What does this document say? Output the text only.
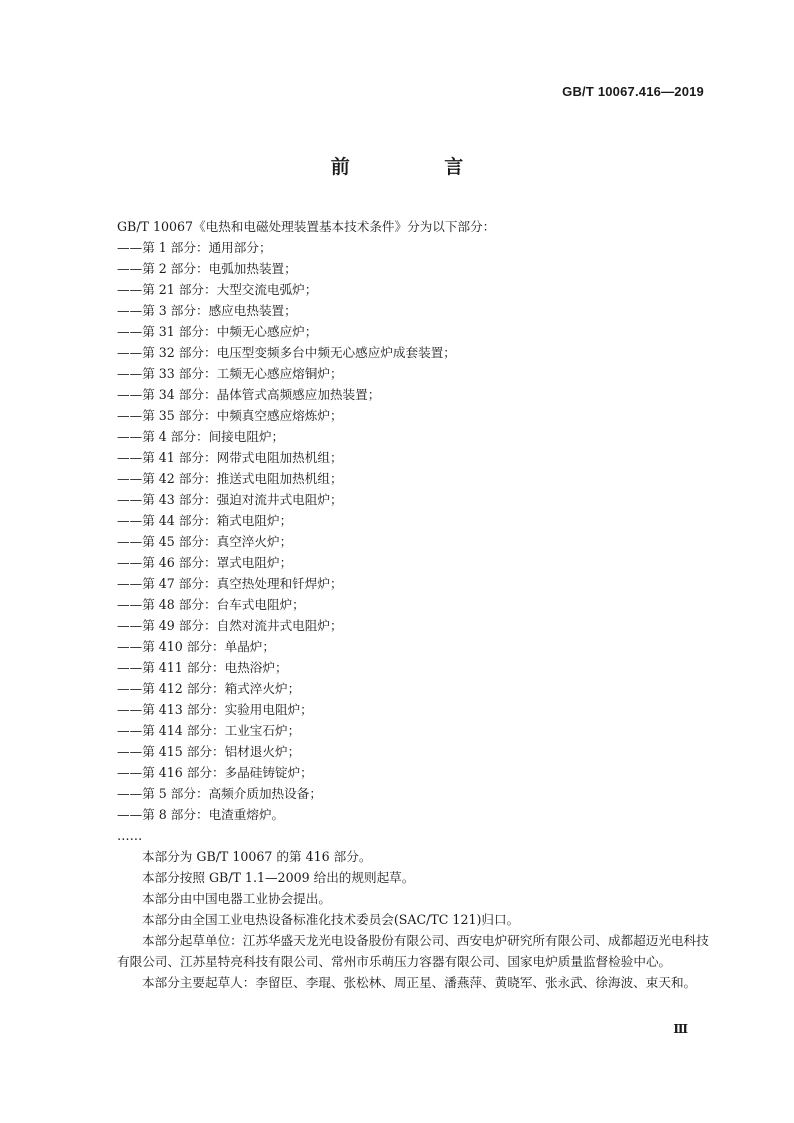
GB/T 10067.416—2019
前 言

GB/T 10067《电热和电磁处理装置基本技术条件》分为以下部分：

——第 1 部分：通用部分；
——第 2 部分：电弧加热装置；
——第 21 部分：大型交流电弧炉；
——第 3 部分：感应电热装置；
——第 31 部分：中频无心感应炉；
——第 32 部分：电压型变频多台中频无心感应炉成套装置；
——第 33 部分：工频无心感应熔铜炉；
——第 34 部分：晶体管式高频感应加热装置；
——第 35 部分：中频真空感应熔炼炉；
——第 4 部分：间接电阻炉；
——第 41 部分：网带式电阻加热机组；
——第 42 部分：推送式电阻加热机组；
——第 43 部分：强迫对流井式电阻炉；
——第 44 部分：箱式电阻炉；
——第 45 部分：真空淬火炉；
——第 46 部分：罩式电阻炉；
——第 47 部分：真空热处理和钎焊炉；
——第 48 部分：台车式电阻炉；
——第 49 部分：自然对流井式电阻炉；
——第 410 部分：单晶炉；
——第 411 部分：电热浴炉；
——第 412 部分：箱式淬火炉；
——第 413 部分：实验用电阻炉；
——第 414 部分：工业宝石炉；
——第 415 部分：铝材退火炉；
——第 416 部分：多晶硅铸锭炉；
——第 5 部分：高频介质加热设备；
——第 8 部分：电渣重熔炉。

……

本部分为 GB/T 10067 的第 416 部分。

本部分按照 GB/T 1.1—2009 给出的规则起草。

本部分由中国电器工业协会提出。

本部分由全国工业电热设备标准化技术委员会(SAC/TC 121)归口。

本部分起草单位：江苏华盛天龙光电设备股份有限公司、西安电炉研究所有限公司、成都超迈光电科技有限公司、江苏星特亮科技有限公司、常州市乐萌压力容器有限公司、国家电炉质量监督检验中心。

本部分主要起草人：李留臣、李琨、张松林、周正星、潘燕萍、黄晓军、张永武、徐海波、束天和。

Ⅲ
